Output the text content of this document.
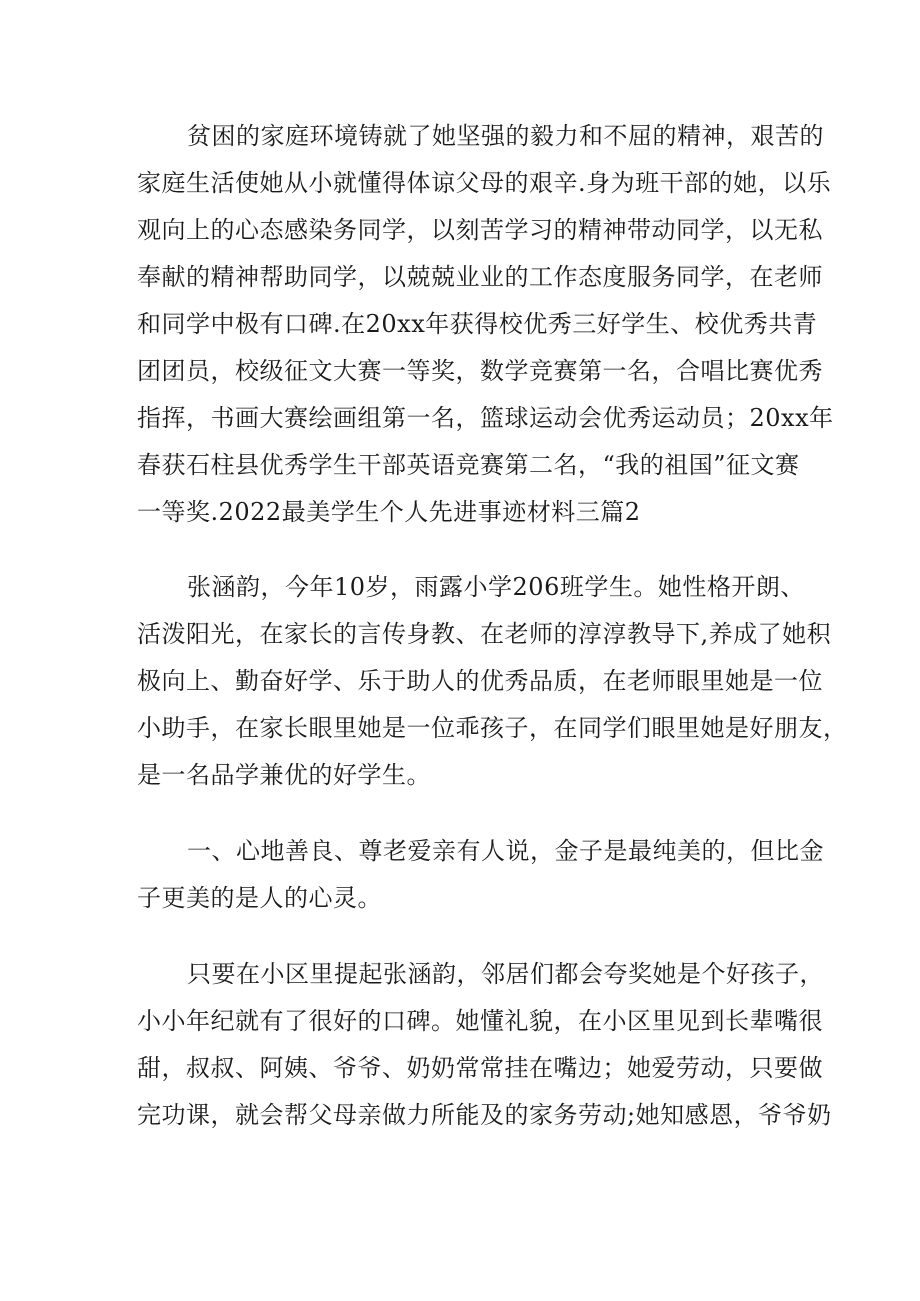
贫困的家庭环境铸就了她坚强的毅力和不屈的精神，艰苦的
家庭生活使她从小就懂得体谅父母的艰辛.身为班干部的她，以乐
观向上的心态感染务同学，以刻苦学习的精神带动同学，以无私
奉献的精神帮助同学，以兢兢业业的工作态度服务同学，在老师
和同学中极有口碑.在20xx年获得校优秀三好学生、校优秀共青
团团员，校级征文大赛一等奖，数学竞赛第一名，合唱比赛优秀
指挥，书画大赛绘画组第一名，篮球运动会优秀运动员；20xx年
春获石柱县优秀学生干部英语竞赛第二名，“我的祖国”征文赛
一等奖.2022最美学生个人先进事迹材料三篇2
张涵韵，今年10岁，雨露小学206班学生。她性格开朗、
活泼阳光，在家长的言传身教、在老师的淳淳教导下,养成了她积
极向上、勤奋好学、乐于助人的优秀品质，在老师眼里她是一位
小助手，在家长眼里她是一位乖孩子，在同学们眼里她是好朋友，
是一名品学兼优的好学生。
一、心地善良、尊老爱亲有人说，金子是最纯美的，但比金
子更美的是人的心灵。
只要在小区里提起张涵韵，邻居们都会夸奖她是个好孩子，
小小年纪就有了很好的口碑。她懂礼貌，在小区里见到长辈嘴很
甜，叔叔、阿姨、爷爷、奶奶常常挂在嘴边；她爱劳动，只要做
完功课，就会帮父母亲做力所能及的家务劳动;她知感恩，爷爷奶
